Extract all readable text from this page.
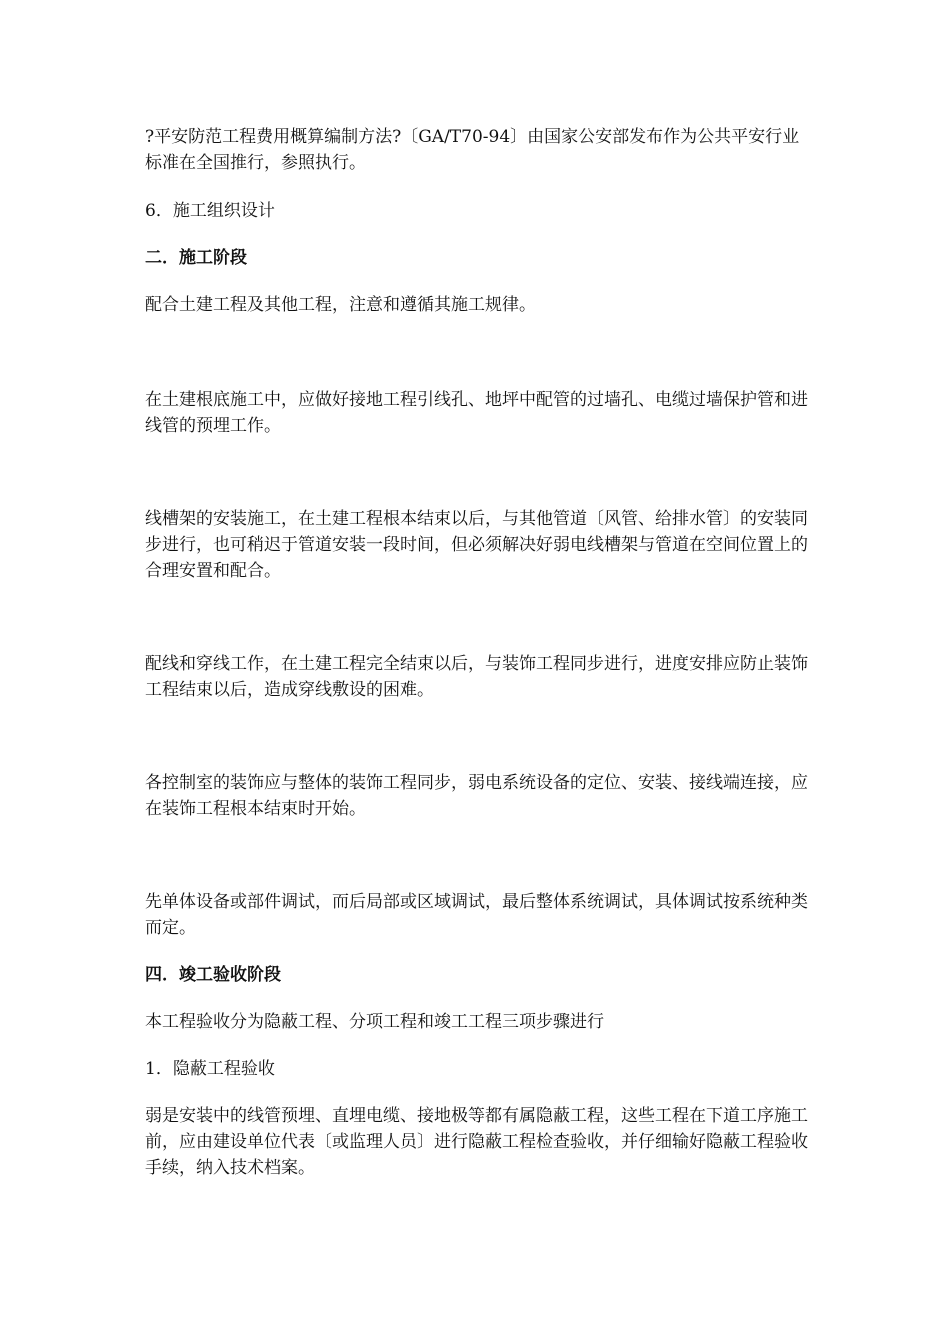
?平安防范工程费用概算编制方法?〔GA/T70-94〕由国家公安部发布作为公共平安行业标准在全国推行，参照执行。

6．施工组织设计

二．施工阶段

配合土建工程及其他工程，注意和遵循其施工规律。

在土建根底施工中，应做好接地工程引线孔、地坪中配管的过墙孔、电缆过墙保护管和进线管的预埋工作。

线槽架的安装施工，在土建工程根本结束以后，与其他管道〔风管、给排水管〕的安装同步进行，也可稍迟于管道安装一段时间，但必须解决好弱电线槽架与管道在空间位置上的合理安置和配合。

配线和穿线工作，在土建工程完全结束以后，与装饰工程同步进行，进度安排应防止装饰工程结束以后，造成穿线敷设的困难。

各控制室的装饰应与整体的装饰工程同步，弱电系统设备的定位、安装、接线端连接，应在装饰工程根本结束时开始。

先单体设备或部件调试，而后局部或区域调试，最后整体系统调试，具体调试按系统种类而定。

四．竣工验收阶段

本工程验收分为隐蔽工程、分项工程和竣工工程三项步骤进行

1．隐蔽工程验收

弱是安装中的线管预埋、直埋电缆、接地极等都有属隐蔽工程，这些工程在下道工序施工前，应由建设单位代表〔或监理人员〕进行隐蔽工程检查验收，并仔细输好隐蔽工程验收手续，纳入技术档案。
